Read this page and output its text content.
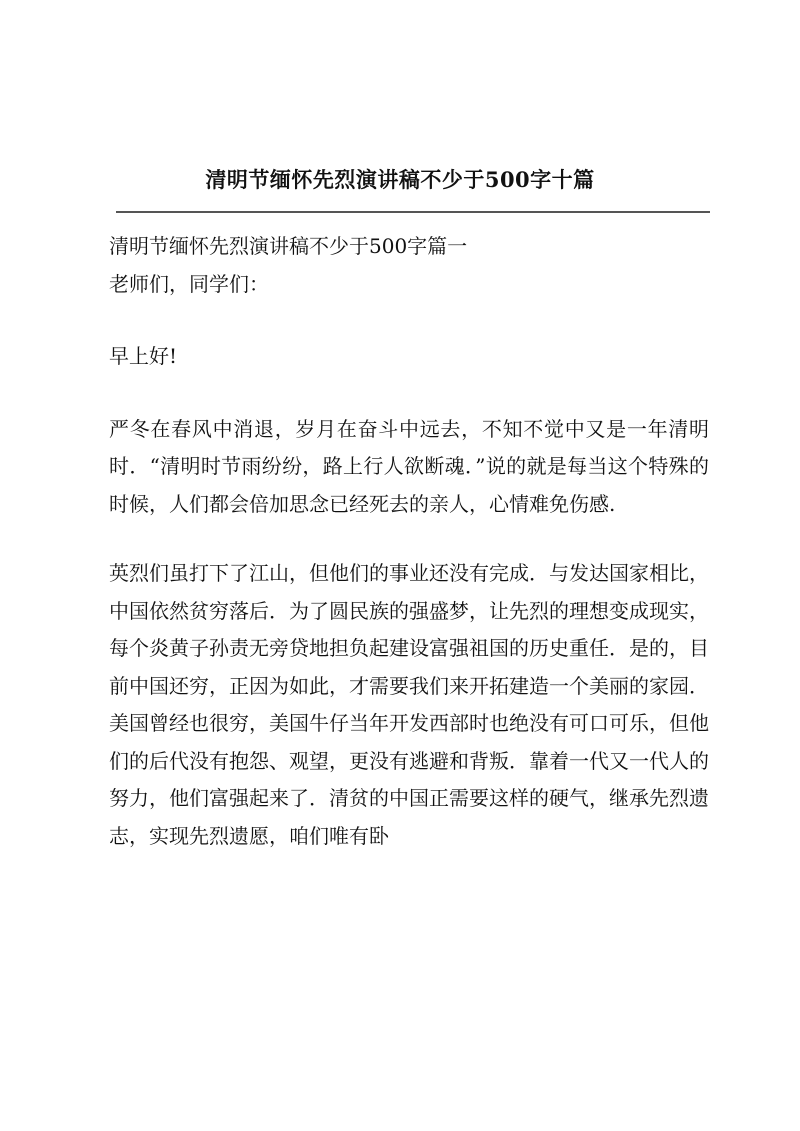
清明节缅怀先烈演讲稿不少于500字十篇
清明节缅怀先烈演讲稿不少于500字篇一
老师们，同学们：
早上好!
严冬在春风中消退，岁月在奋斗中远去，不知不觉中又是一年清明时．“清明时节雨纷纷，路上行人欲断魂．”说的就是每当这个特殊的时候，人们都会倍加思念已经死去的亲人，心情难免伤感.
英烈们虽打下了江山，但他们的事业还没有完成．与发达国家相比，中国依然贫穷落后．为了圆民族的强盛梦，让先烈的理想变成现实，每个炎黄子孙责无旁贷地担负起建设富强祖国的历史重任．是的，目前中国还穷，正因为如此，才需要我们来开拓建造一个美丽的家园．美国曾经也很穷，美国牛仔当年开发西部时也绝没有可口可乐，但他们的后代没有抱怨、观望，更没有逃避和背叛．靠着一代又一代人的努力，他们富强起来了．清贫的中国正需要这样的硬气，继承先烈遗志，实现先烈遗愿，咱们唯有卧
